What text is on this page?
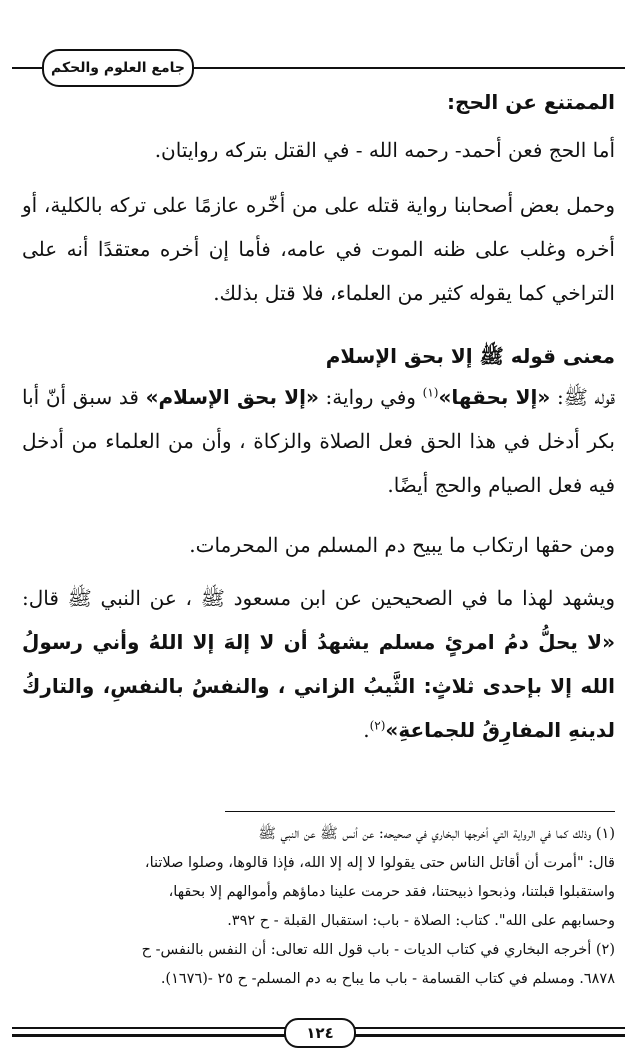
جامع العلوم والحكم
الممتنع عن الحج:
أما الحج فعن أحمد- رحمه الله - في القتل بتركه روايتان.
وحمل بعض أصحابنا رواية قتله على من أخّره عازمًا على تركه بالكلية، أو أخره وغلب على ظنه الموت في عامه، فأما إن أخره معتقدًا أنه على التراخي كما يقوله كثير من العلماء، فلا قتل بذلك.
معنى قوله ﷺ إلا بحق الإسلام
قوله ﷺ: «إلا بحقها»$^{(١)}$ وفي رواية: «إلا بحق الإسلام» قد سبق أنّ أبا بكر أدخل في هذا الحق فعل الصلاة والزكاة ، وأن من العلماء من أدخل فيه فعل الصيام والحج أيضًا.
ومن حقها ارتكاب ما يبيح دم المسلم من المحرمات.
ويشهد لهذا ما في الصحيحين عن ابن مسعود ﷺ ، عن النبي ﷺ قال: «لا يحلُّ دمُ امرئٍ مسلم يشهدُ أن لا إلهَ إلا اللهُ وأني رسولُ الله إلا بإحدى ثلاثٍ: الثَّيبُ الزاني ، والنفسُ بالنفسِ، والتاركُ لدينهِ المفارِقُ للجماعةِ»$^{(٢)}$.
(١) وذلك كما في الرواية التي أخرجها البخاري في صحيحه: عن أنس ﷺ عن النبي ﷺ
قال: "أمرت أن أقاتل الناس حتى يقولوا لا إله إلا الله، فإذا قالوها، وصلوا صلاتنا،
واستقبلوا قبلتنا، وذبحوا ذبيحتنا، فقد حرمت علينا دماؤهم وأموالهم إلا بحقها،
وحسابهم على الله". كتاب: الصلاة - باب: استقبال القبلة - ح ٣٩٢.
(٢) أخرجه البخاري في كتاب الديات - باب قول الله تعالى: أن النفس بالنفس- ح
٦٨٧٨. ومسلم في كتاب القسامة - باب ما يباح به دم المسلم- ح ٢٥ -(١٦٧٦).
١٢٤
